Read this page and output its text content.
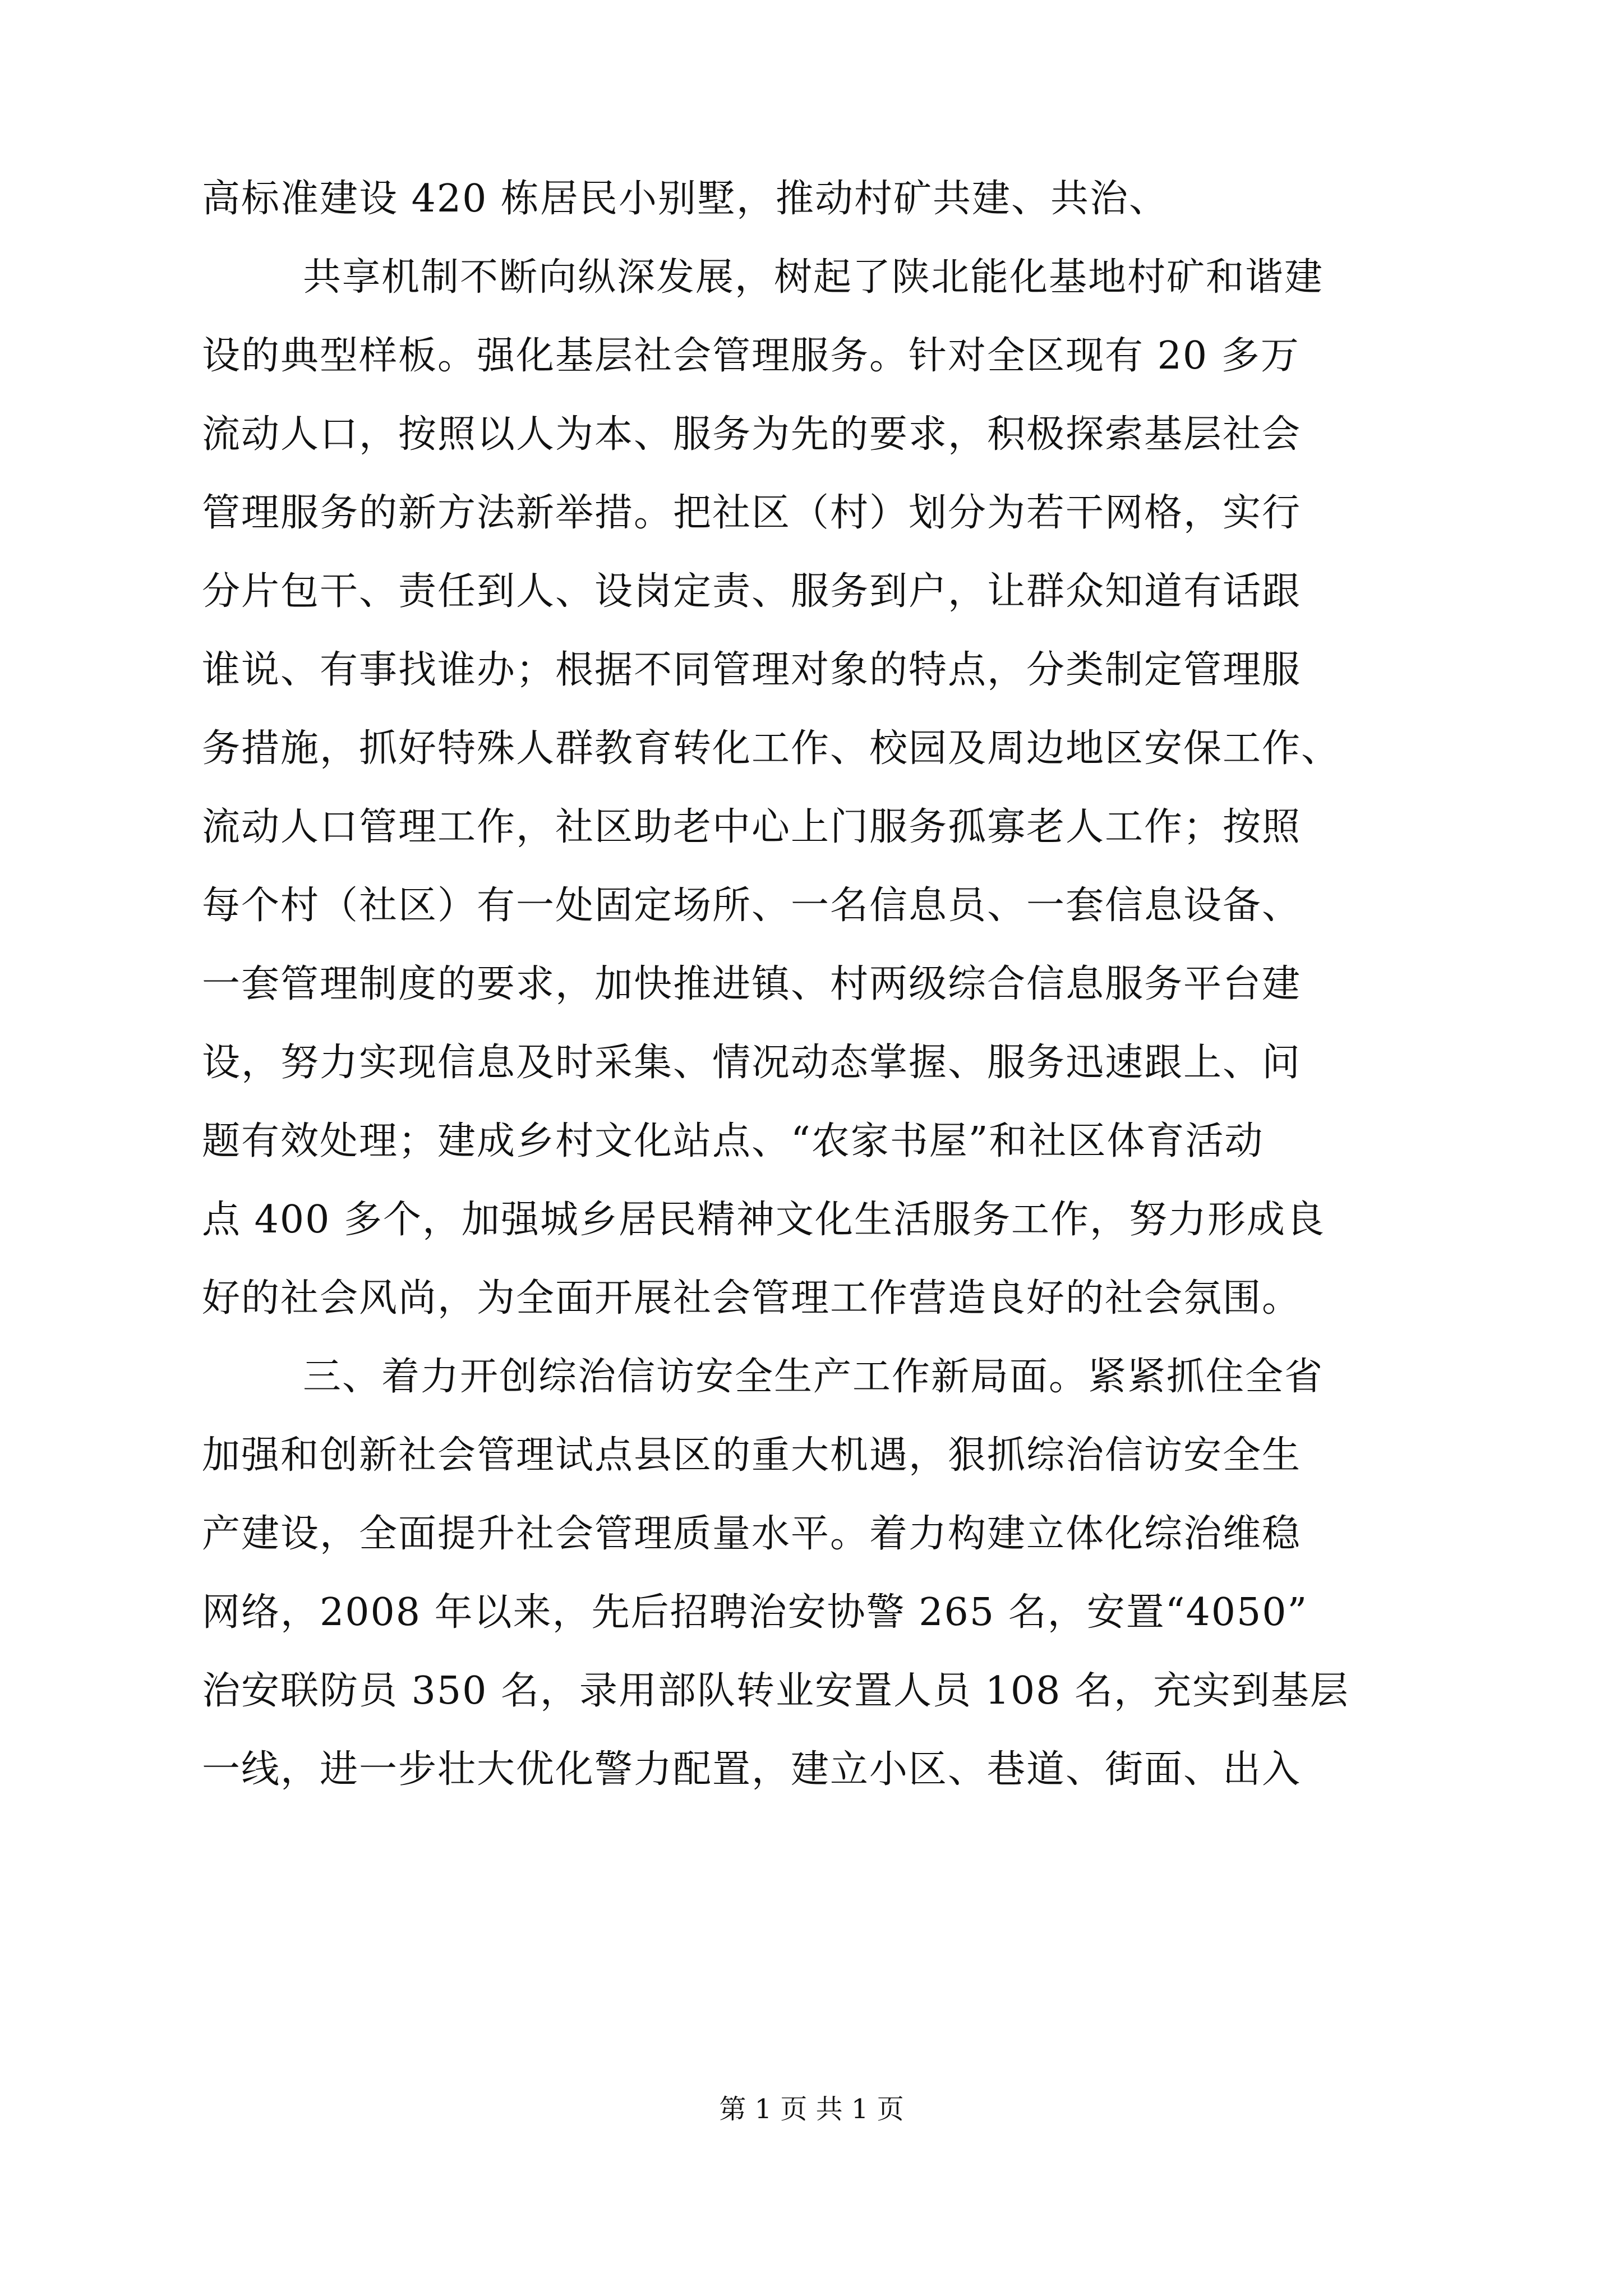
高标准建设 420 栋居民小别墅，推动村矿共建、共治、
共享机制不断向纵深发展，树起了陕北能化基地村矿和谐建
设的典型样板。强化基层社会管理服务。针对全区现有 20 多万
流动人口，按照以人为本、服务为先的要求，积极探索基层社会
管理服务的新方法新举措。把社区（村）划分为若干网格，实行
分片包干、责任到人、设岗定责、服务到户，让群众知道有话跟
谁说、有事找谁办；根据不同管理对象的特点，分类制定管理服
务措施，抓好特殊人群教育转化工作、校园及周边地区安保工作、
流动人口管理工作，社区助老中心上门服务孤寡老人工作；按照
每个村（社区）有一处固定场所、一名信息员、一套信息设备、
一套管理制度的要求，加快推进镇、村两级综合信息服务平台建
设，努力实现信息及时采集、情况动态掌握、服务迅速跟上、问
题有效处理；建成乡村文化站点、“农家书屋”和社区体育活动
点 400 多个，加强城乡居民精神文化生活服务工作，努力形成良
好的社会风尚，为全面开展社会管理工作营造良好的社会氛围。
三、着力开创综治信访安全生产工作新局面。紧紧抓住全省
加强和创新社会管理试点县区的重大机遇，狠抓综治信访安全生
产建设，全面提升社会管理质量水平。着力构建立体化综治维稳
网络，2008 年以来，先后招聘治安协警 265 名，安置“4050”
治安联防员 350 名，录用部队转业安置人员 108 名，充实到基层
一线，进一步壮大优化警力配置，建立小区、巷道、街面、出入
第 1 页 共 1 页
